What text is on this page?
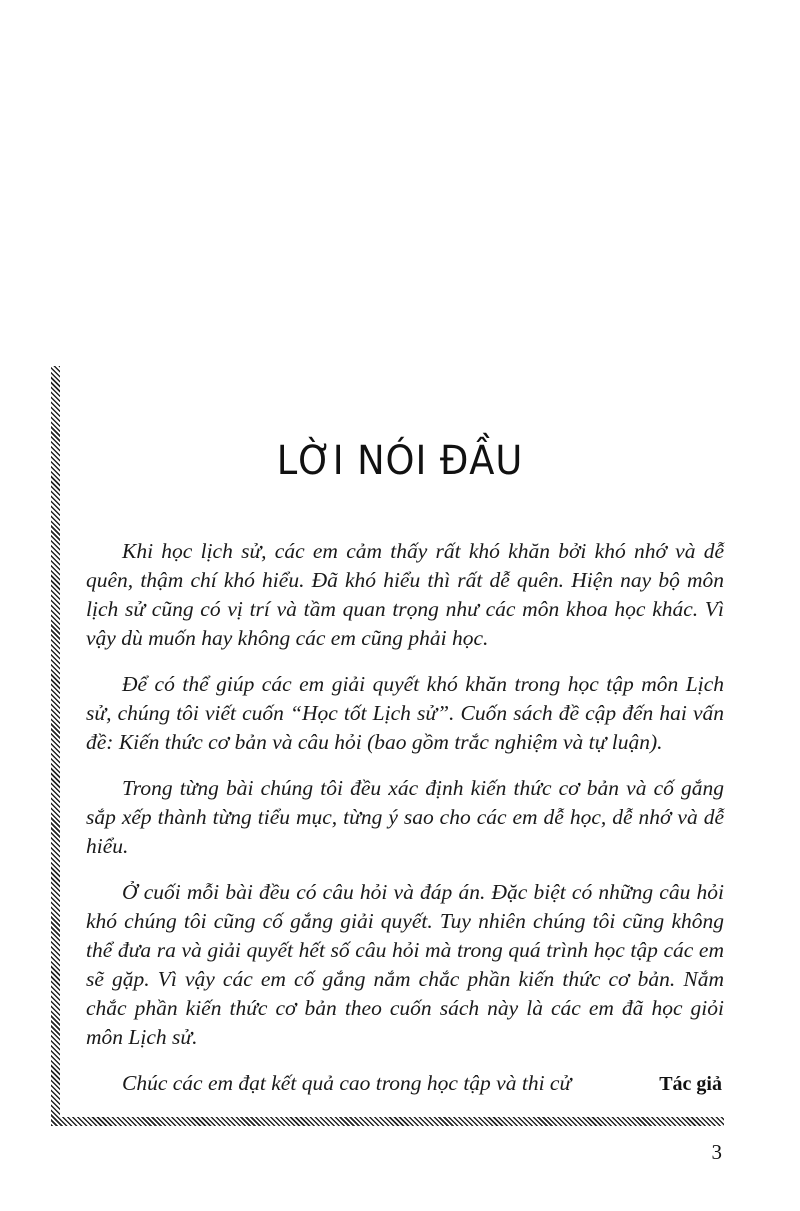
LỜI NÓI ĐẦU

Khi học lịch sử, các em cảm thấy rất khó khăn bởi khó nhớ và dễ quên, thậm chí khó hiểu. Đã khó hiểu thì rất dễ quên. Hiện nay bộ môn lịch sử cũng có vị trí và tầm quan trọng như các môn khoa học khác. Vì vậy dù muốn hay không các em cũng phải học.

Để có thể giúp các em giải quyết khó khăn trong học tập môn Lịch sử, chúng tôi viết cuốn “Học tốt Lịch sử”. Cuốn sách đề cập đến hai vấn đề: Kiến thức cơ bản và câu hỏi (bao gồm trắc nghiệm và tự luận).

Trong từng bài chúng tôi đều xác định kiến thức cơ bản và cố gắng sắp xếp thành từng tiểu mục, từng ý sao cho các em dễ học, dễ nhớ và dễ hiểu.

Ở cuối mỗi bài đều có câu hỏi và đáp án. Đặc biệt có những câu hỏi khó chúng tôi cũng cố gắng giải quyết. Tuy nhiên chúng tôi cũng không thể đưa ra và giải quyết hết số câu hỏi mà trong quá trình học tập các em sẽ gặp. Vì vậy các em cố gắng nắm chắc phần kiến thức cơ bản. Nắm chắc phần kiến thức cơ bản theo cuốn sách này là các em đã học giỏi môn Lịch sử.

Chúc các em đạt kết quả cao trong học tập và thi cử	Tác giả
3
